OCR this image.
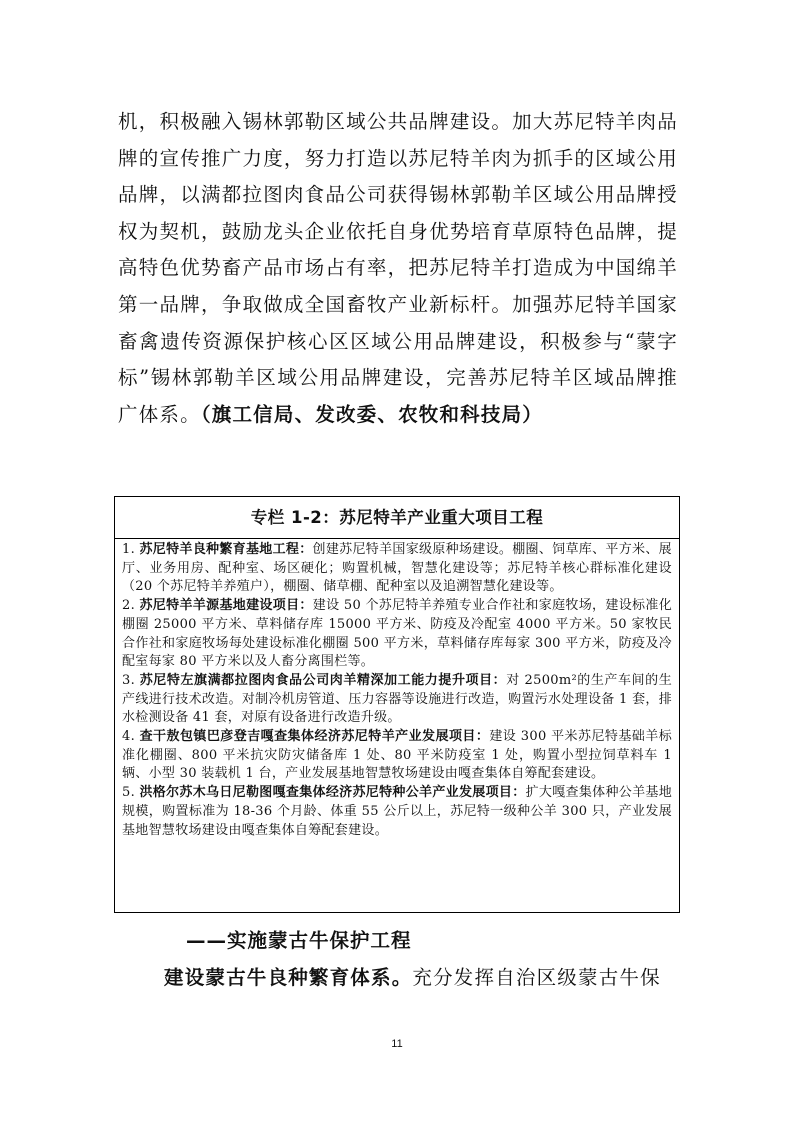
机，积极融入锡林郭勒区域公共品牌建设。加大苏尼特羊肉品牌的宣传推广力度，努力打造以苏尼特羊肉为抓手的区域公用品牌，以满都拉图肉食品公司获得锡林郭勒羊区域公用品牌授权为契机，鼓励龙头企业依托自身优势培育草原特色品牌，提高特色优势畜产品市场占有率，把苏尼特羊打造成为中国绵羊第一品牌，争取做成全国畜牧产业新标杆。加强苏尼特羊国家畜禽遗传资源保护核心区区域公用品牌建设，积极参与“蒙字标”锡林郭勒羊区域公用品牌建设，完善苏尼特羊区域品牌推广体系。（旗工信局、发改委、农牧和科技局）
专栏 1-2：苏尼特羊产业重大项目工程
1. 苏尼特羊良种繁育基地工程：创建苏尼特羊国家级原种场建设。棚圈、饲草库、平方米、展厅、业务用房、配种室、场区硬化；购置机械，智慧化建设等；苏尼特羊核心群标准化建设（20 个苏尼特羊养殖户），棚圈、储草棚、配种室以及追溯智慧化建设等。
2. 苏尼特羊羊源基地建设项目：建设 50 个苏尼特羊养殖专业合作社和家庭牧场，建设标准化棚圈 25000 平方米、草料储存库 15000 平方米、防疫及冷配室 4000 平方米。50 家牧民合作社和家庭牧场每处建设标准化棚圈 500 平方米，草料储存库每家 300 平方米，防疫及冷配室每家 80 平方米以及人畜分离围栏等。
3. 苏尼特左旗满都拉图肉食品公司肉羊精深加工能力提升项目：对 2500m²的生产车间的生产线进行技术改造。对制冷机房管道、压力容器等设施进行改造，购置污水处理设备 1 套，排水检测设备 41 套，对原有设备进行改造升级。
4. 查干敖包镇巴彦登吉嘎查集体经济苏尼特羊产业发展项目：建设 300 平米苏尼特基础羊标准化棚圈、800 平米抗灾防灾储备库 1 处、80 平米防疫室 1 处，购置小型拉饲草料车 1 辆、小型 30 装载机 1 台，产业发展基地智慧牧场建设由嘎查集体自筹配套建设。
5. 洪格尔苏木乌日尼勒图嘎查集体经济苏尼特种公羊产业发展项目：扩大嘎查集体种公羊基地规模，购置标准为 18-36 个月龄、体重 55 公斤以上，苏尼特一级种公羊 300 只，产业发展基地智慧牧场建设由嘎查集体自筹配套建设。
——实施蒙古牛保护工程
建设蒙古牛良种繁育体系。充分发挥自治区级蒙古牛保
11
